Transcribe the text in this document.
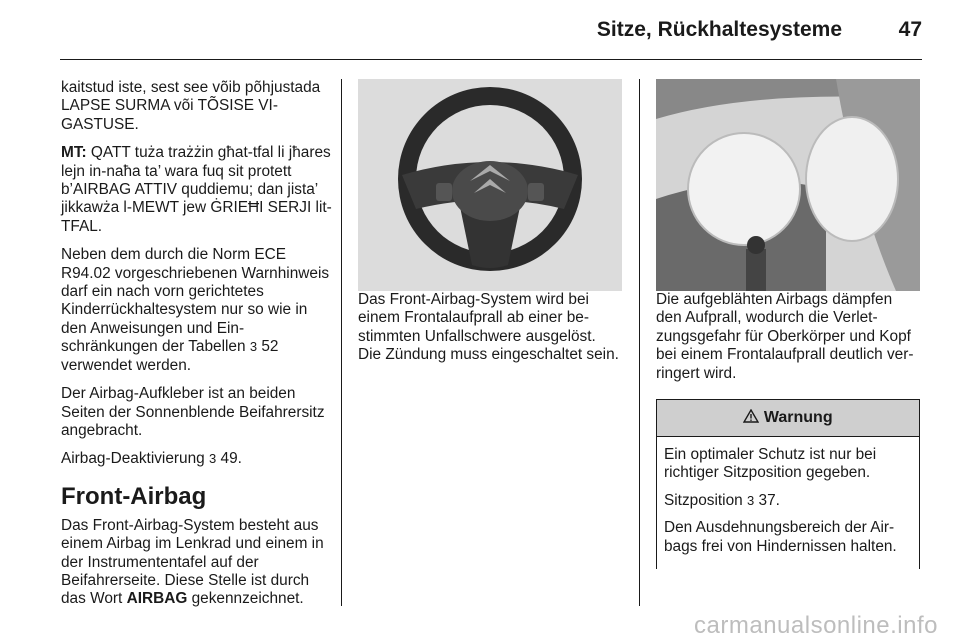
Sitze, Rückhaltesysteme	47

kaitstud iste, sest see võib põhjustada LAPSE SURMA või TÕSISE VIGASTUSE.

MT: QATT tuża trażżin għat-tfal li jħares lejn in-naħa ta’ wara fuq sit protett b’AIRBAG ATTIV quddiemu; dan jista’ jikkawża l-MEWT jew ĠRIEĦI SERJI lit-TFAL.

Neben dem durch die Norm ECE R94.02 vorgeschriebenen Warnhinweis darf ein nach vorn gerichtetes Kinderrückhaltesystem nur so wie in den Anweisungen und Einschränkungen der Tabellen 3 52 verwendet werden.

Der Airbag-Aufkleber ist an beiden Seiten der Sonnenblende Beifahrersitz angebracht.

Airbag-Deaktivierung 3 49.

Front-Airbag

Das Front-Airbag-System besteht aus einem Airbag im Lenkrad und einem in der Instrumententafel auf der Beifahrerseite. Diese Stelle ist durch das Wort AIRBAG gekennzeichnet.

Das Front-Airbag-System wird bei einem Frontalaufprall ab einer bestimmten Unfallschwere ausgelöst. Die Zündung muss eingeschaltet sein.

Die aufgeblähten Airbags dämpfen den Aufprall, wodurch die Verletzungsgefahr für Oberkörper und Kopf bei einem Frontalaufprall deutlich verringert wird.

Warnung

Ein optimaler Schutz ist nur bei richtiger Sitzposition gegeben.

Sitzposition 3 37.

Den Ausdehnungsbereich der Airbags frei von Hindernissen halten.

carmanualsonline.info
